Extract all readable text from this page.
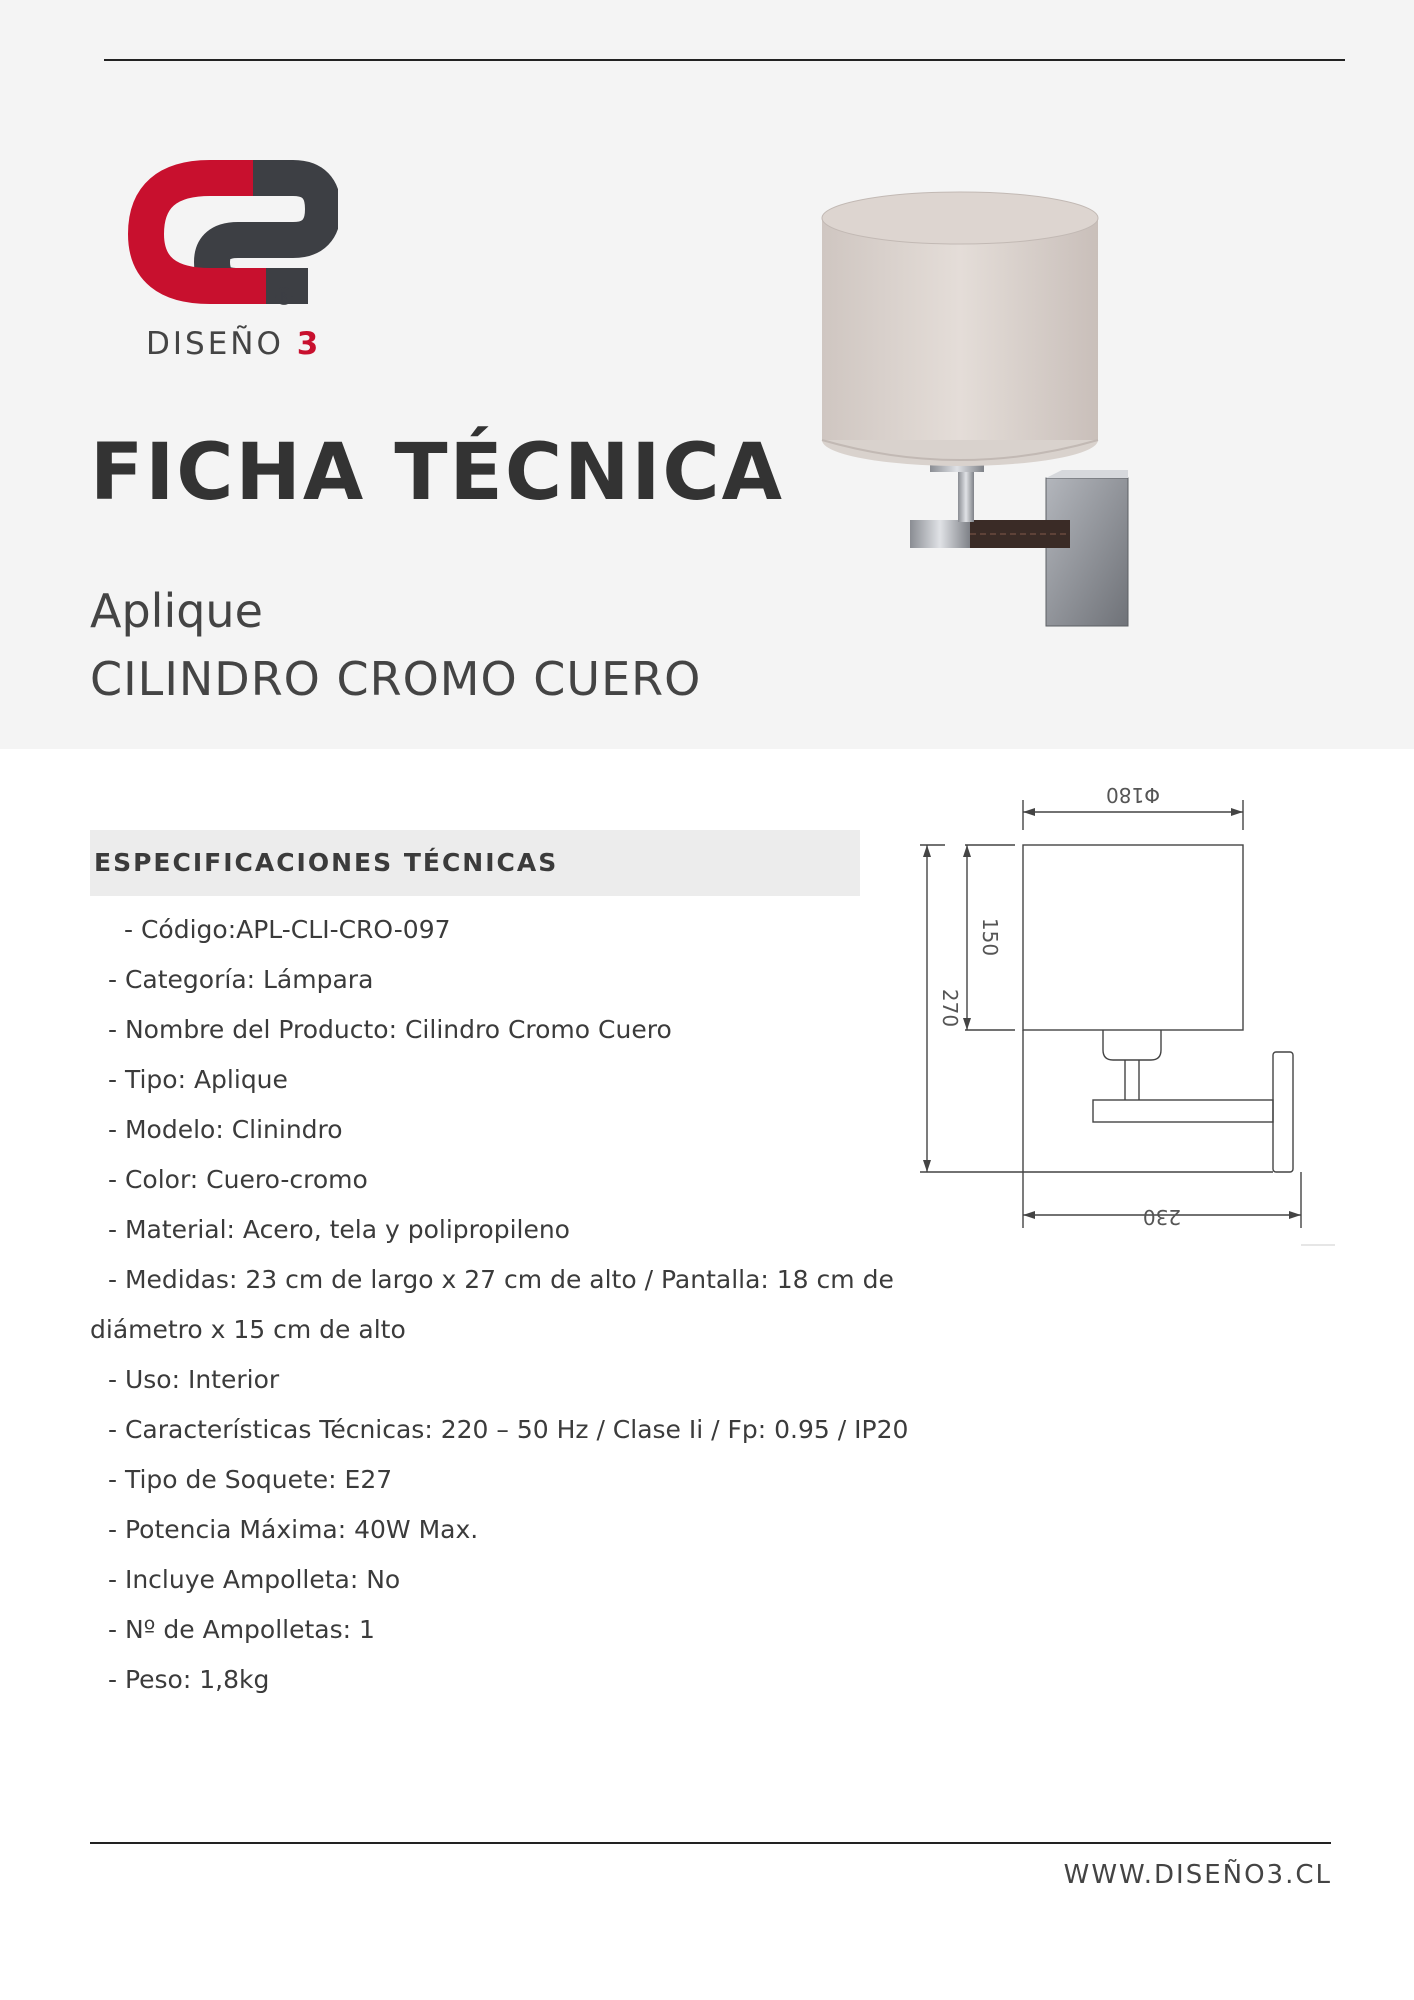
R
DISEÑO 3
FICHA TÉCNICA
Aplique
CILINDRO CROMO CUERO
ESPECIFICACIONES TÉCNICAS
- Código:APL-CLI-CRO-097
- Categoría: Lámpara
- Nombre del Producto: Cilindro Cromo Cuero
- Tipo: Aplique
- Modelo: Clinindro
- Color: Cuero-cromo
- Material: Acero, tela y polipropileno
- Medidas: 23 cm de largo x 27 cm de alto / Pantalla: 18 cm de diámetro x 15 cm de alto
- Uso: Interior
- Características Técnicas: 220 – 50 Hz / Clase Ii / Fp: 0.95 / IP20
- Tipo de Soquete: E27
- Potencia Máxima: 40W Max.
- Incluye Ampolleta: No
- Nº de Ampolletas: 1
- Peso: 1,8kg
Φ180
150
270
230
WWW.DISEÑO3.CL
